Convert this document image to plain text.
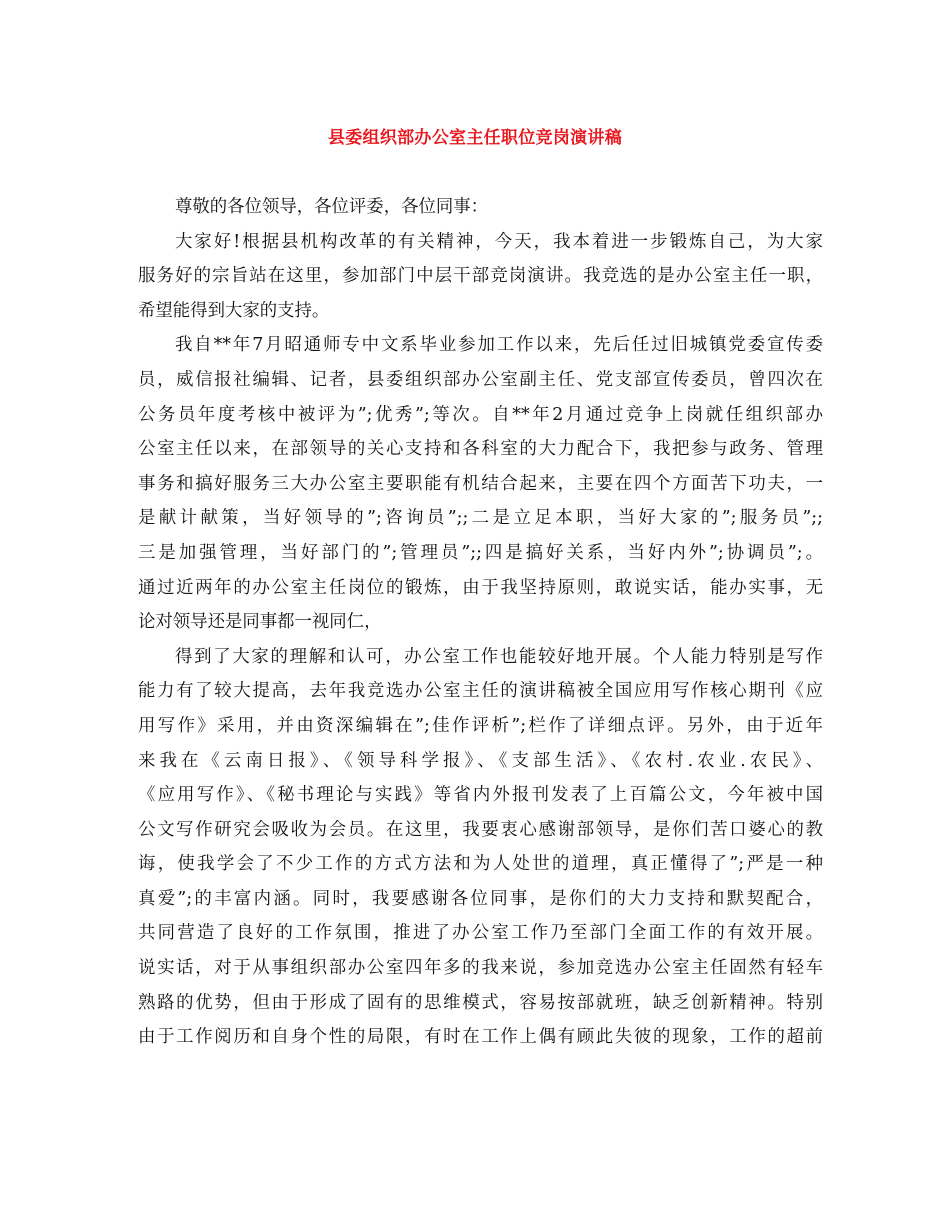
县委组织部办公室主任职位竞岗演讲稿
尊敬的各位领导，各位评委，各位同事：
大家好!根据县机构改革的有关精神，今天，我本着进一步锻炼自己，为大家
服务好的宗旨站在这里，参加部门中层干部竞岗演讲。我竞选的是办公室主任一职，
希望能得到大家的支持。
我自**年7月昭通师专中文系毕业参加工作以来，先后任过旧城镇党委宣传委
员，威信报社编辑、记者，县委组织部办公室副主任、党支部宣传委员，曾四次在
公务员年度考核中被评为”;优秀”;等次。自**年2月通过竞争上岗就任组织部办
公室主任以来，在部领导的关心支持和各科室的大力配合下，我把参与政务、管理
事务和搞好服务三大办公室主要职能有机结合起来，主要在四个方面苦下功夫，一
是献计献策，当好领导的”;咨询员”;;二是立足本职，当好大家的”;服务员”;;
三是加强管理，当好部门的”;管理员”;;四是搞好关系，当好内外”;协调员”;。
通过近两年的办公室主任岗位的锻炼，由于我坚持原则，敢说实话，能办实事，无
论对领导还是同事都一视同仁，
得到了大家的理解和认可，办公室工作也能较好地开展。个人能力特别是写作
能力有了较大提高，去年我竞选办公室主任的演讲稿被全国应用写作核心期刊《应
用写作》采用，并由资深编辑在”;佳作评析”;栏作了详细点评。另外，由于近年
来我在《云南日报》、《领导科学报》、《支部生活》、《农村.农业.农民》、
《应用写作》、《秘书理论与实践》等省内外报刊发表了上百篇公文，今年被中国
公文写作研究会吸收为会员。在这里，我要衷心感谢部领导，是你们苦口婆心的教
诲，使我学会了不少工作的方式方法和为人处世的道理，真正懂得了”;严是一种
真爱”;的丰富内涵。同时，我要感谢各位同事，是你们的大力支持和默契配合，
共同营造了良好的工作氛围，推进了办公室工作乃至部门全面工作的有效开展。
说实话，对于从事组织部办公室四年多的我来说，参加竞选办公室主任固然有轻车
熟路的优势，但由于形成了固有的思维模式，容易按部就班，缺乏创新精神。特别
由于工作阅历和自身个性的局限，有时在工作上偶有顾此失彼的现象，工作的超前
